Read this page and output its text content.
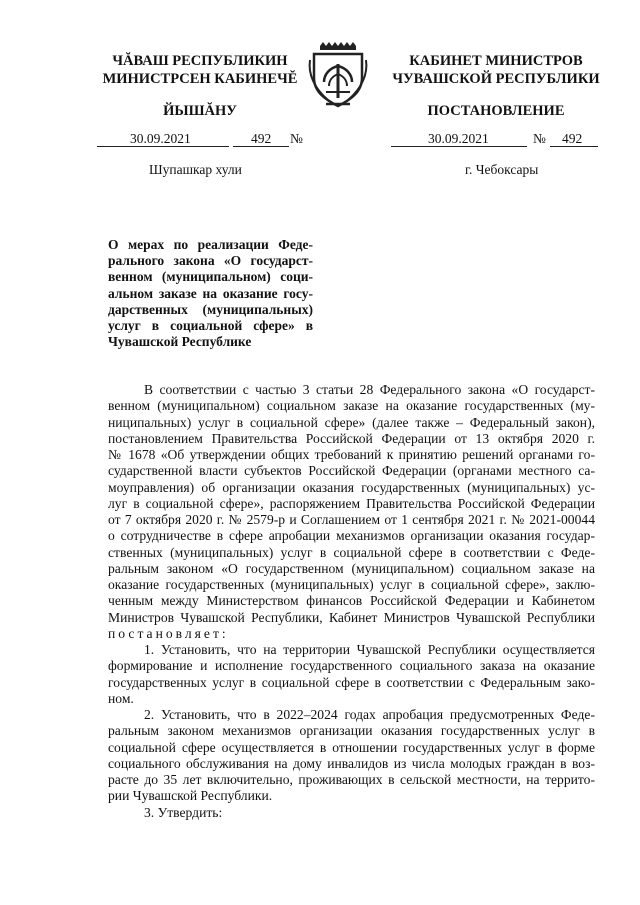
ЧĂВАШ РЕСПУБЛИКИН
МИНИСТРСЕН КАБИНЕЧĔ
ЙЫШĂНУ
КАБИНЕТ МИНИСТРОВ
ЧУВАШСКОЙ РЕСПУБЛИКИ
ПОСТАНОВЛЕНИЕ
30.09.2021	492 №	30.09.2021	№ 492
Шупашкар хули	г. Чебоксары
О мерах по реализации Феде-
рального закона «О государст-
венном (муниципальном) соци-
альном заказе на оказание госу-
дарственных (муниципальных)
услуг в социальной сфере» в
Чувашской Республике
В соответствии с частью 3 статьи 28 Федерального закона «О государст-
венном (муниципальном) социальном заказе на оказание государственных (му-
ниципальных) услуг в социальной сфере» (далее также – Федеральный закон),
постановлением Правительства Российской Федерации от 13 октября 2020 г.
№ 1678 «Об утверждении общих требований к принятию решений органами го-
сударственной власти субъектов Российской Федерации (органами местного са-
моуправления) об организации оказания государственных (муниципальных) ус-
луг в социальной сфере», распоряжением Правительства Российской Федерации
от 7 октября 2020 г. № 2579-р и Соглашением от 1 сентября 2021 г. № 2021-00044
о сотрудничестве в сфере апробации механизмов организации оказания государ-
ственных (муниципальных) услуг в социальной сфере в соответствии с Феде-
ральным законом «О государственном (муниципальном) социальном заказе на
оказание государственных (муниципальных) услуг в социальной сфере», заклю-
ченным между Министерством финансов Российской Федерации и Кабинетом
Министров Чувашской Республики, Кабинет Министров Чувашской Республики
постановляет:
1. Установить, что на территории Чувашской Республики осуществляется
формирование и исполнение государственного социального заказа на оказание
государственных услуг в социальной сфере в соответствии с Федеральным зако-
ном.
2. Установить, что в 2022–2024 годах апробация предусмотренных Феде-
ральным законом механизмов организации оказания государственных услуг в
социальной сфере осуществляется в отношении государственных услуг в форме
социального обслуживания на дому инвалидов из числа молодых граждан в воз-
расте до 35 лет включительно, проживающих в сельской местности, на террито-
рии Чувашской Республики.
3. Утвердить:
